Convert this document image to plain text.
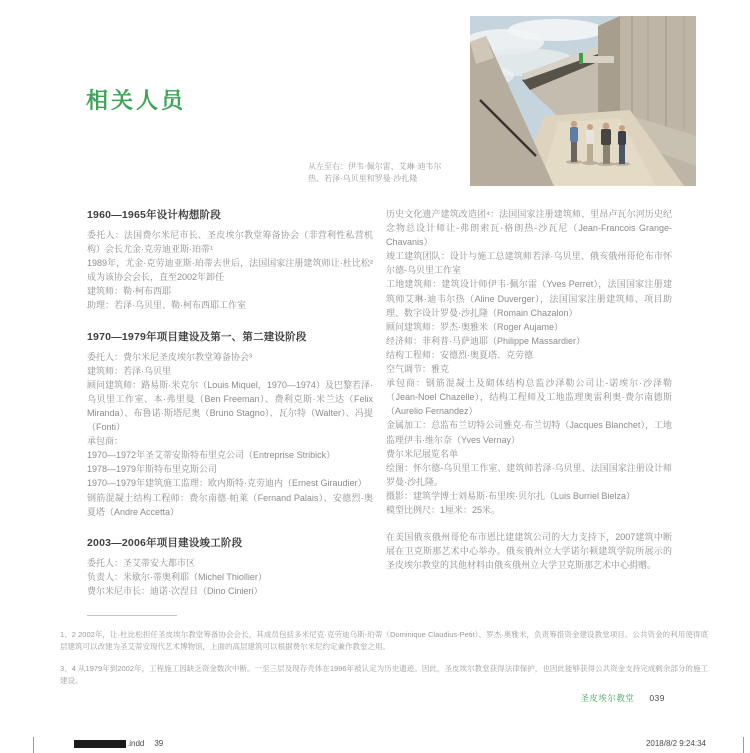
相关人员
从左至右：伊韦·佩尔雷、艾琳·迪韦尔
热、若泽·乌贝里和罗曼·沙扎隆
1960—1965年设计构想阶段

委托人：法国费尔米尼市长、圣皮埃尔教堂筹备协会（非营利性私营机构）会长尤金·克劳迪亚斯·珀蒂¹

1989年，尤金·克劳迪亚斯·珀蒂去世后，法国国家注册建筑师让·杜比松²成为该协会会长，直至2002年卸任

建筑师：勒·柯布西耶

助理：若泽·乌贝里、勒·柯布西耶工作室

1970—1979年项目建设及第一、第二建设阶段

委托人：费尔米尼圣皮埃尔教堂筹备协会³

建筑师：若泽·乌贝里

顾问建筑师：路易斯·米克尔（Louis Miquel，1970—1974）及巴黎若泽·乌贝里工作室、本·弗里曼（Ben Freeman）、费利克斯·米兰达（Felix Miranda）、布鲁诺·斯塔尼奥（Bruno Stagno）、瓦尔特（Walter）、冯提（Fonti）

承包商：

1970—1972年圣艾蒂安斯特布里克公司（Entreprise Stribick）

1978—1979年斯特布里克斯公司

1970—1979年建筑施工监理：欧内斯特·克劳迪内（Ernest Giraudier）

钢筋混凝土结构工程师：费尔南德·帕莱（Fernand Palais）、安德烈·奥夏塔（Andre Accetta）

2003—2006年项目建设竣工阶段

委托人：圣艾蒂安大都市区

负责人：米歇尔·蒂奥利耶（Michel Thiollier）

费尔米尼市长：迪诺·次涅日（Dino Cinieri）

历史文化遗产建筑改造团⁴：法国国家注册建筑师、里昂卢瓦尔河历史纪念物总设计师让-弗朗索瓦·格朗热-沙瓦尼（Jean-Francois Grange-Chavanis）

竣工建筑团队：设计与施工总建筑师若泽·乌贝里、俄亥俄州哥伦布市怀尔德-乌贝里工作室

工地建筑师：建筑设计师伊韦·佩尔雷（Yves Perret），法国国家注册建筑师艾琳·迪韦尔热（Aline Duverger），法国国家注册建筑师、项目助理、数字设计罗曼·沙扎隆（Romain Chazalon）

顾问建筑师：罗杰·奥雅米（Roger Aujame）

经济师：菲利普·马萨迪耶（Philippe Massardier）

结构工程师：安德烈·奥夏塔、克劳德

空气调节：雅克

承包商：钢筋混凝土及砌体结构总监沙泽勒公司让-诺埃尔·沙泽勒（Jean-Noel Chazelle），结构工程师及工地监理奥雷利奥·费尔南德斯（Aurelio Fernandez）

金属加工：总监布兰切特公司雅克·布兰切特（Jacques Blanchet），工地监理伊韦·维尔奈（Yves Vernay）

费尔米尼展览名单

绘图：怀尔德-乌贝里工作室、建筑师若泽·乌贝里、法国国家注册设计师罗曼·沙扎隆。

摄影：建筑学博士刘易斯·布里埃·贝尔扎（Luis Burriel Bielza）

模型比例尺：1厘米：25米。

在美国俄亥俄州哥伦布市恩比建建筑公司的大力支持下，2007建筑中断展在卫克斯那艺术中心举办。俄亥俄州立大学诺尔顿建筑学院所展示的圣皮埃尔教堂的其他材料由俄亥俄州立大学卫克斯那艺术中心捐赠。

1、2 2002年，让·杜比松担任圣皮埃尔教堂筹备协会会长，其成员包括多米尼克·克劳迪乌斯-珀蒂（Dominique Claudius-Petit）、罗杰·奥雅米，负责筹措资金建设教堂项目。公共资金的利用使得底层建筑可以改建为圣艾蒂安现代艺术博物馆，上面的高层建筑可以根据费尔米尼约定兼作教堂之用。

3、4 从1979年到2002年，工程施工因缺乏资金数次中断。一至三层及现存壳体在1996年被认定为历史遗迹。因此，圣皮埃尔教堂获得法律保护，也因此能够获得公共资金支持完成剩余部分的施工建设。

圣皮埃尔教堂 039
.indd 39	2018/8/2 9:24:34
